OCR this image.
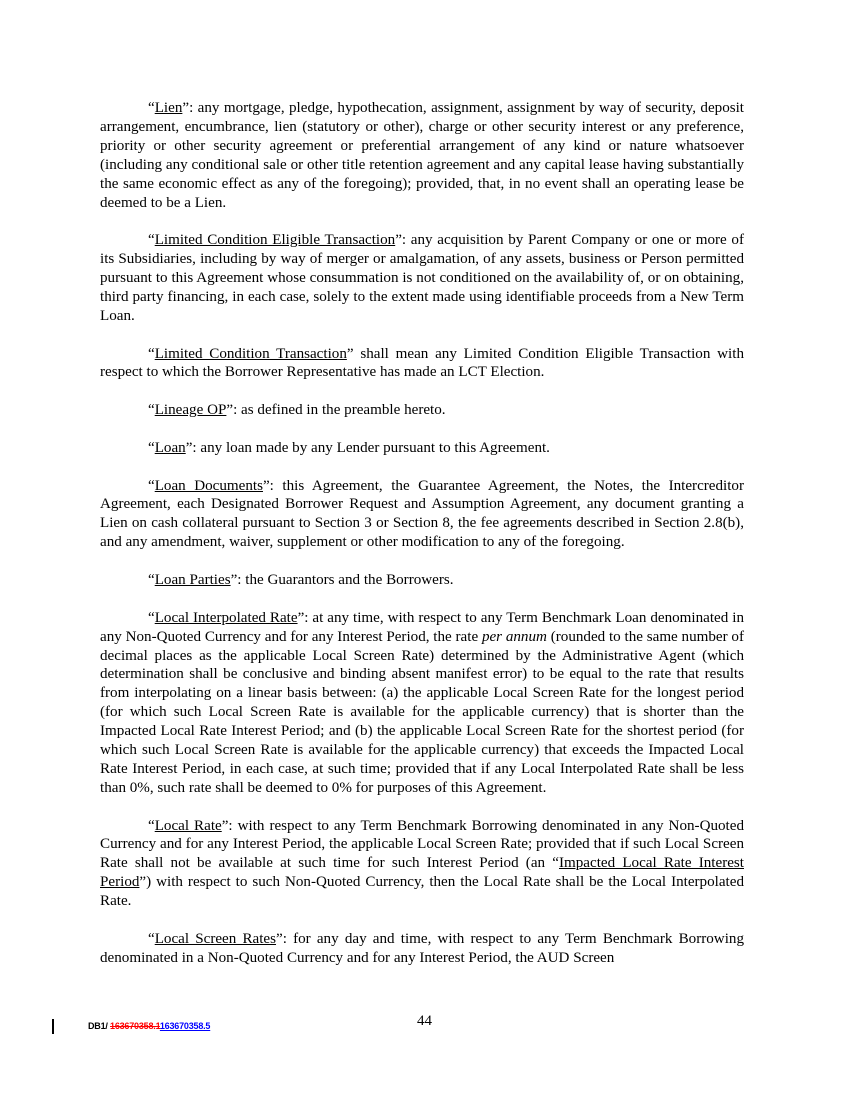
“Lien”: any mortgage, pledge, hypothecation, assignment, assignment by way of security, deposit arrangement, encumbrance, lien (statutory or other), charge or other security interest or any preference, priority or other security agreement or preferential arrangement of any kind or nature whatsoever (including any conditional sale or other title retention agreement and any capital lease having substantially the same economic effect as any of the foregoing); provided, that, in no event shall an operating lease be deemed to be a Lien.

“Limited Condition Eligible Transaction”: any acquisition by Parent Company or one or more of its Subsidiaries, including by way of merger or amalgamation, of any assets, business or Person permitted pursuant to this Agreement whose consummation is not conditioned on the availability of, or on obtaining, third party financing, in each case, solely to the extent made using identifiable proceeds from a New Term Loan.

“Limited Condition Transaction” shall mean any Limited Condition Eligible Transaction with respect to which the Borrower Representative has made an LCT Election.

“Lineage OP”: as defined in the preamble hereto.

“Loan”: any loan made by any Lender pursuant to this Agreement.

“Loan Documents”: this Agreement, the Guarantee Agreement, the Notes, the Intercreditor Agreement, each Designated Borrower Request and Assumption Agreement, any document granting a Lien on cash collateral pursuant to Section 3 or Section 8, the fee agreements described in Section 2.8(b), and any amendment, waiver, supplement or other modification to any of the foregoing.

“Loan Parties”: the Guarantors and the Borrowers.

“Local Interpolated Rate”: at any time, with respect to any Term Benchmark Loan denominated in any Non-Quoted Currency and for any Interest Period, the rate per annum (rounded to the same number of decimal places as the applicable Local Screen Rate) determined by the Administrative Agent (which determination shall be conclusive and binding absent manifest error) to be equal to the rate that results from interpolating on a linear basis between: (a) the applicable Local Screen Rate for the longest period (for which such Local Screen Rate is available for the applicable currency) that is shorter than the Impacted Local Rate Interest Period; and (b) the applicable Local Screen Rate for the shortest period (for which such Local Screen Rate is available for the applicable currency) that exceeds the Impacted Local Rate Interest Period, in each case, at such time; provided that if any Local Interpolated Rate shall be less than 0%, such rate shall be deemed to 0% for purposes of this Agreement.

“Local Rate”: with respect to any Term Benchmark Borrowing denominated in any Non-Quoted Currency and for any Interest Period, the applicable Local Screen Rate; provided that if such Local Screen Rate shall not be available at such time for such Interest Period (an “Impacted Local Rate Interest Period”) with respect to such Non-Quoted Currency, then the Local Rate shall be the Local Interpolated Rate.

“Local Screen Rates”: for any day and time, with respect to any Term Benchmark Borrowing denominated in a Non-Quoted Currency and for any Interest Period, the AUD Screen

44
DB1/ 163670358.1163670358.5
